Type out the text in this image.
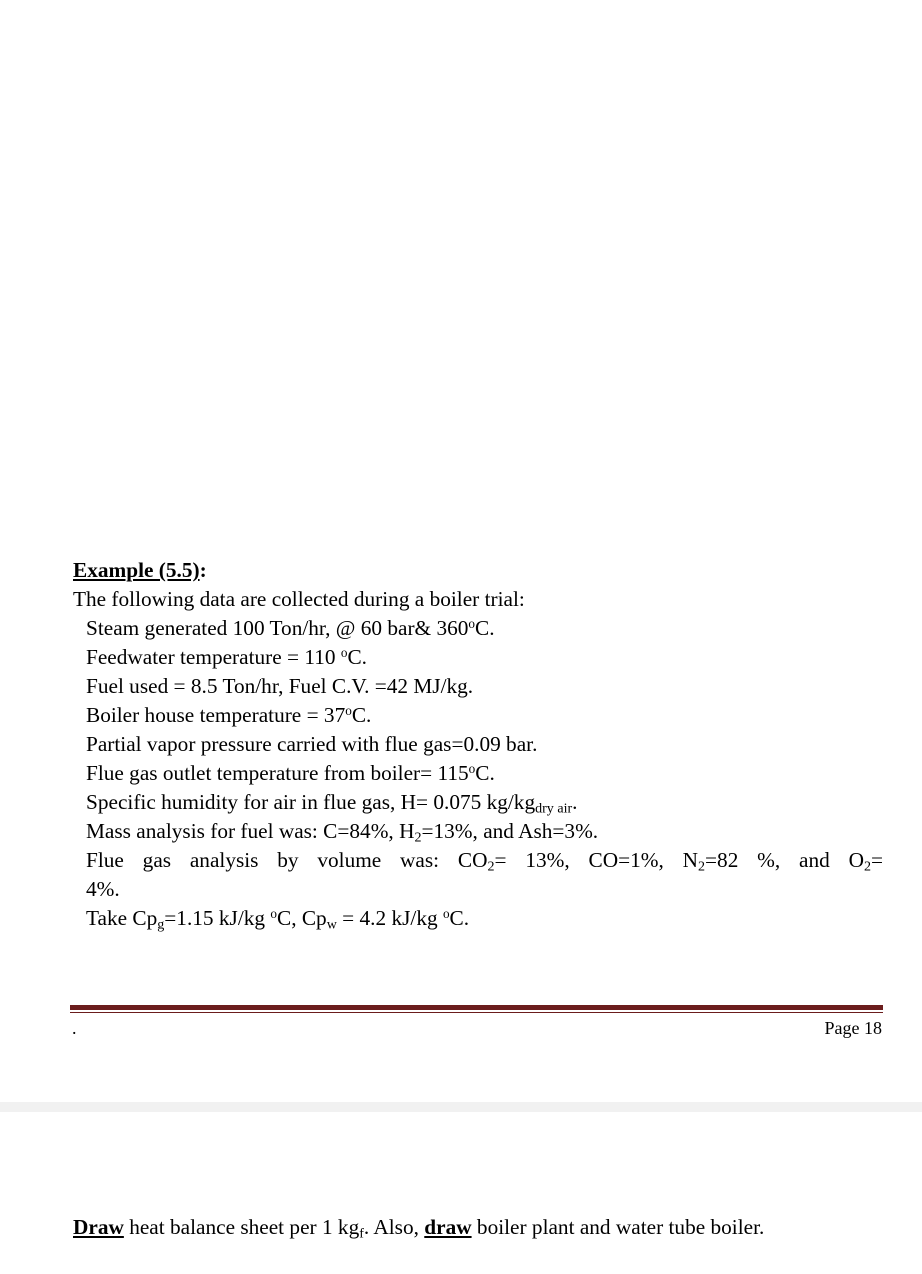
Example (5.5):
The following data are collected during a boiler trial:
Steam generated 100 Ton/hr, @ 60 bar& 360$^o$C.
Feedwater temperature = 110 $^o$C.
Fuel used = 8.5 Ton/hr, Fuel C.V. =42 MJ/kg.
Boiler house temperature = $37^oC$.
Partial vapor pressure carried with flue gas=0.09 bar.
Flue gas outlet temperature from boiler= $115^oC$.
Specific humidity for air in flue gas, H= 0.075 $kg/kg_{dry air}$.
Mass analysis for fuel was: C=84%, $H_2=13\%$, and Ash=3%.
Flue gas analysis by volume was: $CO_2= 13\%$, CO=1%, $N_2=82$ %, and $O_2=$
4%.
Take $Cp_g=1.15$ kJ/kg $^o$C, $Cp_w = 4.2$ kJ/kg $^o$C.
.	Page 18
Draw heat balance sheet per 1 $kg_f$. Also, draw boiler plant and water tube boiler.
